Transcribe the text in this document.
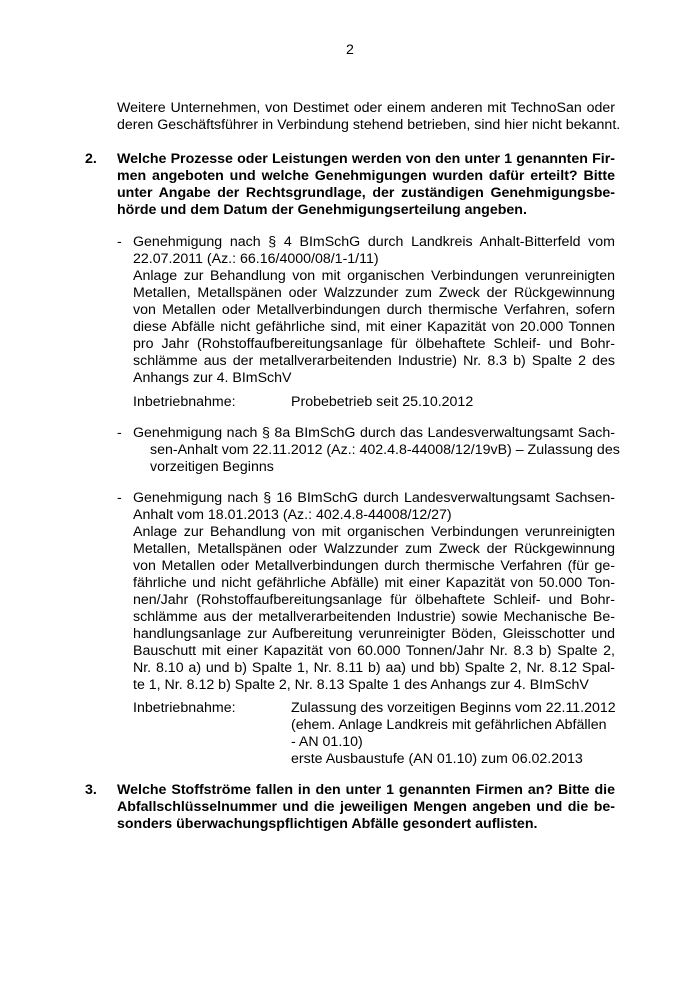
2
Weitere Unternehmen, von Destimet oder einem anderen mit TechnoSan oder
deren Geschäftsführer in Verbindung stehend betrieben, sind hier nicht bekannt.
2. Welche Prozesse oder Leistungen werden von den unter 1 genannten Fir-
men angeboten und welche Genehmigungen wurden dafür erteilt? Bitte
unter Angabe der Rechtsgrundlage, der zuständigen Genehmigungsbe-
hörde und dem Datum der Genehmigungserteilung angeben.
- Genehmigung nach § 4 BImSchG durch Landkreis Anhalt-Bitterfeld vom
22.07.2011 (Az.: 66.16/4000/08/1-1/11)
Anlage zur Behandlung von mit organischen Verbindungen verunreinigten
Metallen, Metallspänen oder Walzzunder zum Zweck der Rückgewinnung
von Metallen oder Metallverbindungen durch thermische Verfahren, sofern
diese Abfälle nicht gefährliche sind, mit einer Kapazität von 20.000 Tonnen
pro Jahr (Rohstoffaufbereitungsanlage für ölbehaftete Schleif- und Bohr-
schlämme aus der metallverarbeitenden Industrie) Nr. 8.3 b) Spalte 2 des
Anhangs zur 4. BImSchV
Inbetriebnahme:	Probebetrieb seit 25.10.2012
- Genehmigung nach § 8a BImSchG durch das Landesverwaltungsamt Sach-
sen-Anhalt vom 22.11.2012 (Az.: 402.4.8-44008/12/19vB) – Zulassung des
vorzeitigen Beginns
- Genehmigung nach § 16 BImSchG durch Landesverwaltungsamt Sachsen-
Anhalt vom 18.01.2013 (Az.: 402.4.8-44008/12/27)
Anlage zur Behandlung von mit organischen Verbindungen verunreinigten
Metallen, Metallspänen oder Walzzunder zum Zweck der Rückgewinnung
von Metallen oder Metallverbindungen durch thermische Verfahren (für ge-
fährliche und nicht gefährliche Abfälle) mit einer Kapazität von 50.000 Ton-
nen/Jahr (Rohstoffaufbereitungsanlage für ölbehaftete Schleif- und Bohr-
schlämme aus der metallverarbeitenden Industrie) sowie Mechanische Be-
handlungsanlage zur Aufbereitung verunreinigter Böden, Gleisschotter und
Bauschutt mit einer Kapazität von 60.000 Tonnen/Jahr Nr. 8.3 b) Spalte 2,
Nr. 8.10 a) und b) Spalte 1, Nr. 8.11 b) aa) und bb) Spalte 2, Nr. 8.12 Spal-
te 1, Nr. 8.12 b) Spalte 2, Nr. 8.13 Spalte 1 des Anhangs zur 4. BImSchV
Inbetriebnahme:	Zulassung des vorzeitigen Beginns vom 22.11.2012
(ehem. Anlage Landkreis mit gefährlichen Abfällen
- AN 01.10)
erste Ausbaustufe (AN 01.10) zum 06.02.2013
3. Welche Stoffströme fallen in den unter 1 genannten Firmen an? Bitte die
Abfallschlüsselnummer und die jeweiligen Mengen angeben und die be-
sonders überwachungspflichtigen Abfälle gesondert auflisten.
